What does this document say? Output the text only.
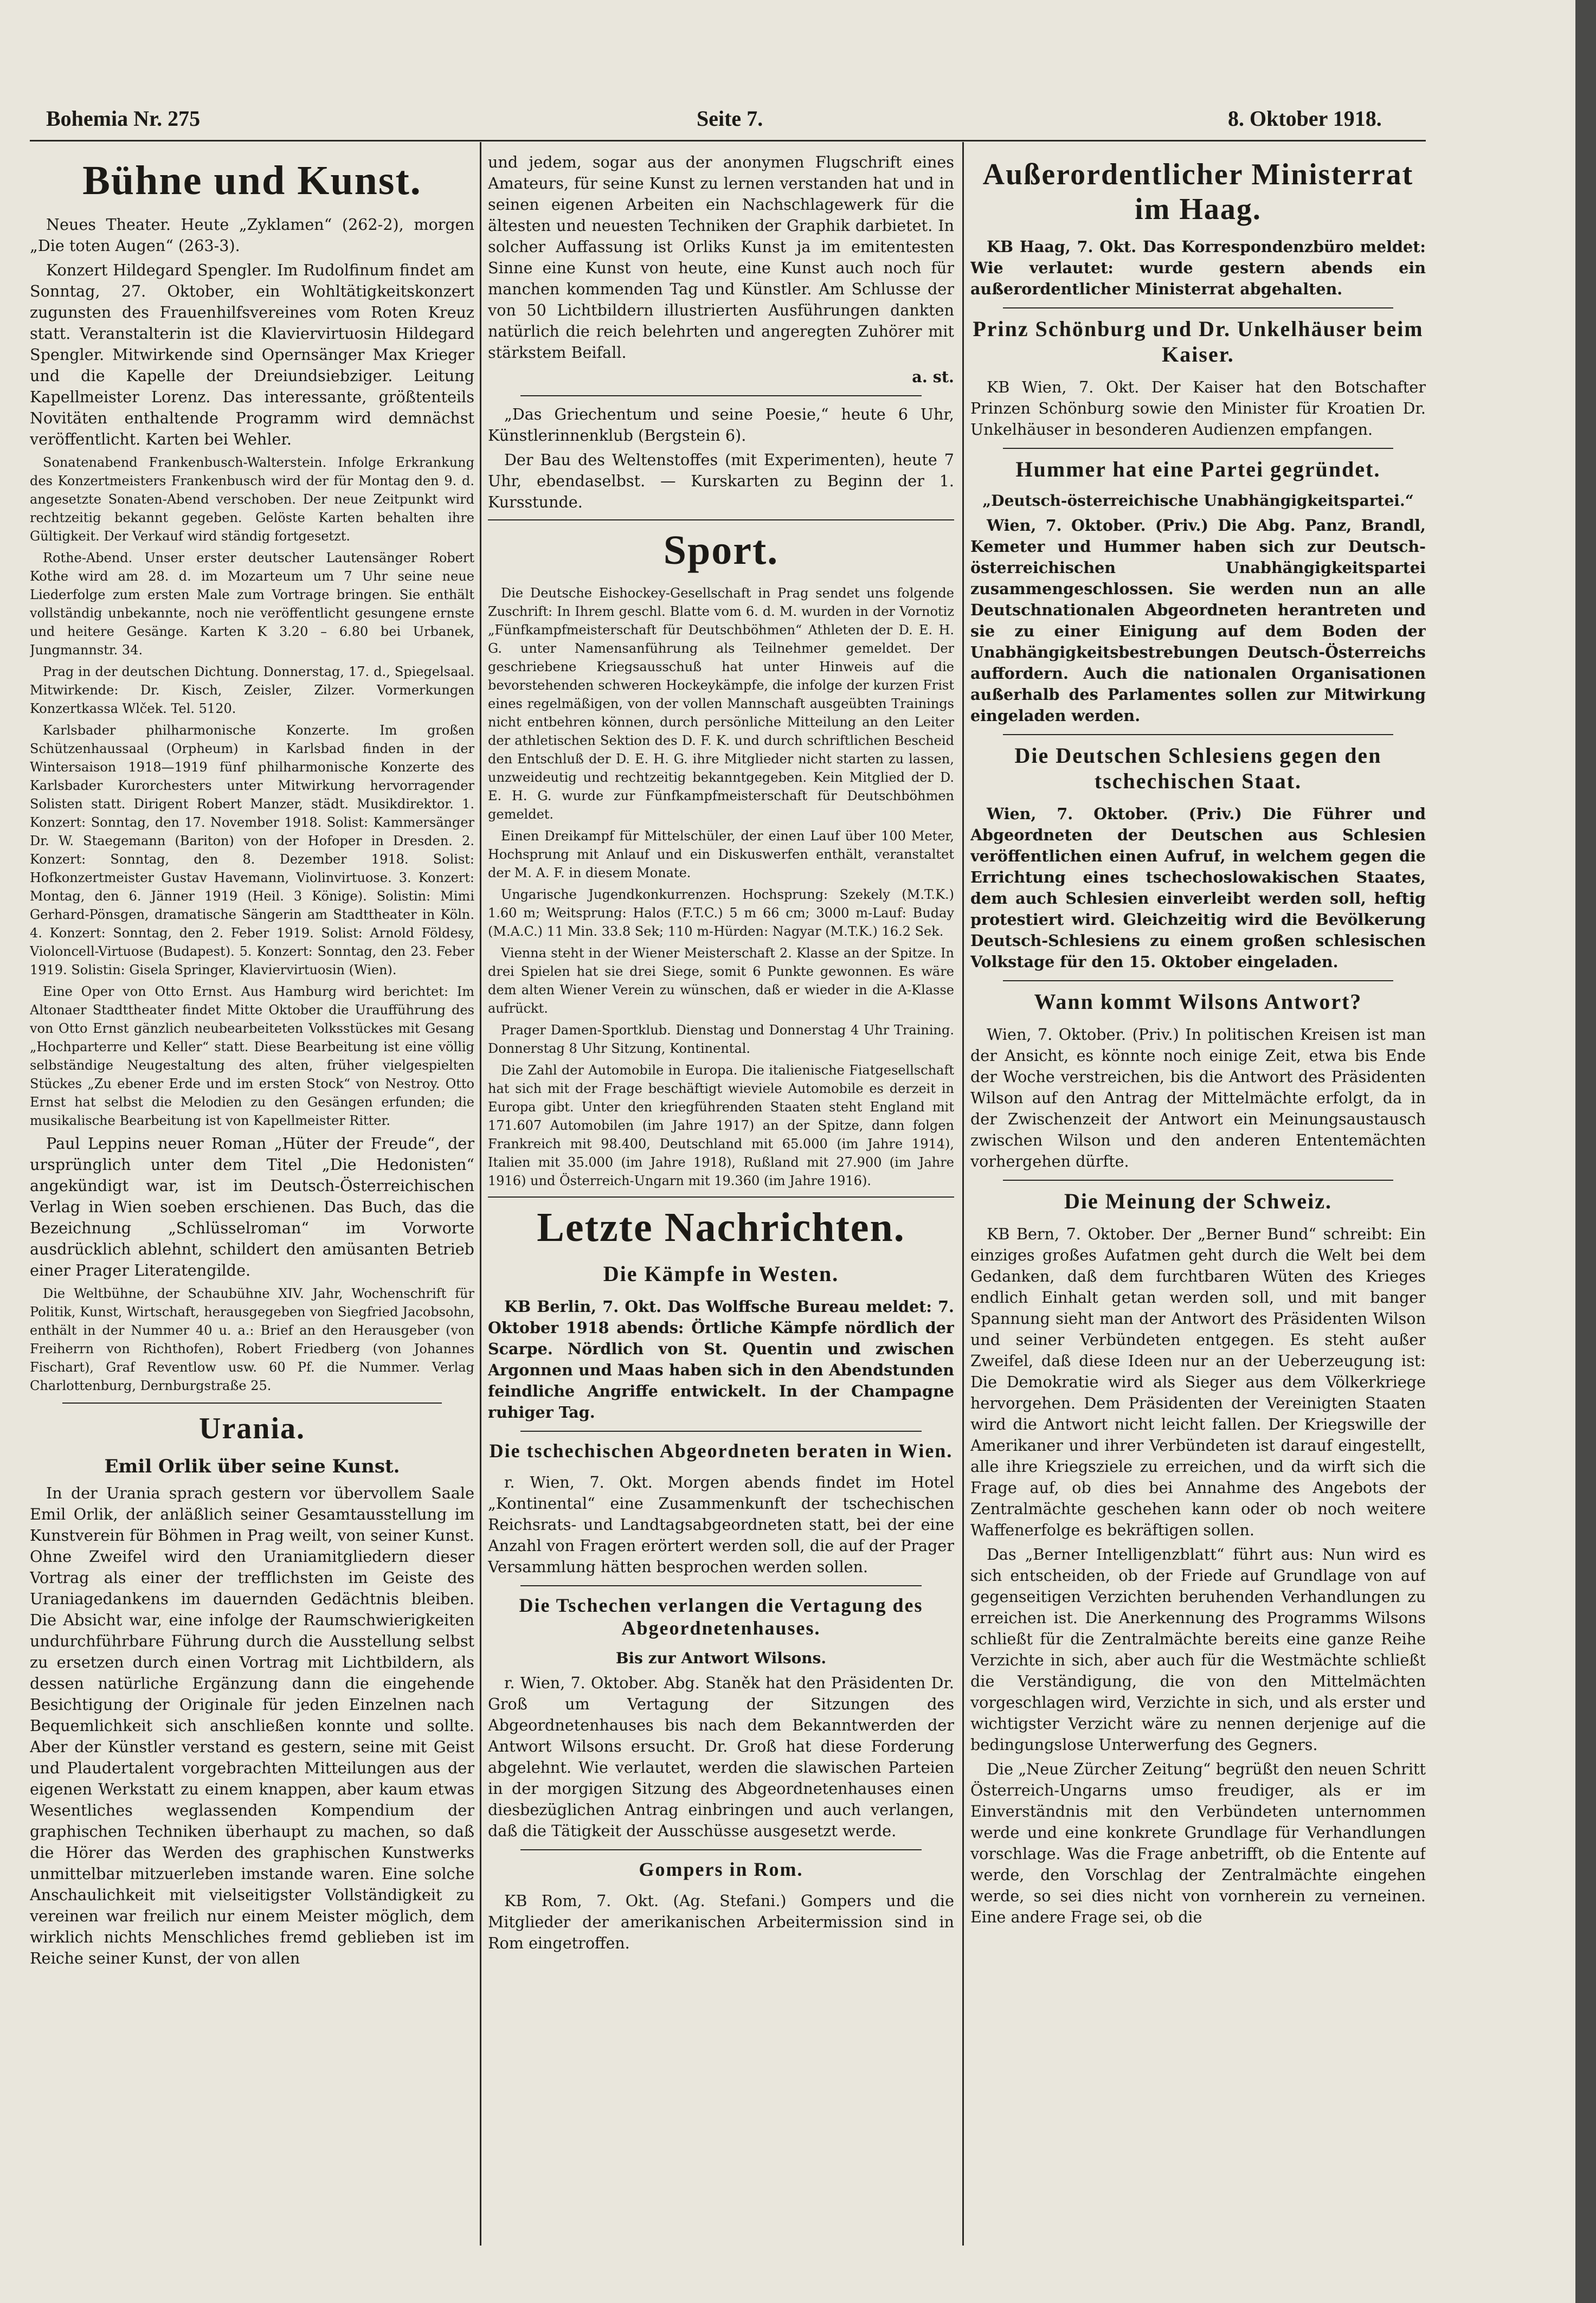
Bohemia Nr. 275	Seite 7.	8. Oktober 1918.
Bühne und Kunst.

Neues Theater. Heute „Zyklamen“ (262-2), morgen „Die toten Augen“ (263-3).

Konzert Hildegard Spengler. Im Rudolfinum findet am Sonntag, 27. Oktober, ein Wohltätigkeitskonzert zugunsten des Frauenhilfsvereines vom Roten Kreuz statt. Veranstalterin ist die Klaviervirtuosin Hildegard Spengler. Mitwirkende sind Opernsänger Max Krieger und die Kapelle der Dreiundsiebziger. Leitung Kapellmeister Lorenz. Das interessante, größtenteils Novitäten enthaltende Programm wird demnächst veröffentlicht. Karten bei Wehler.

Sonatenabend Frankenbusch-Walterstein. Infolge Erkrankung des Konzertmeisters Frankenbusch wird der für Montag den 9. d. angesetzte Sonaten-Abend verschoben. Der neue Zeitpunkt wird rechtzeitig bekannt gegeben. Gelöste Karten behalten ihre Gültigkeit. Der Verkauf wird ständig fortgesetzt.

Rothe-Abend. Unser erster deutscher Lautensänger Robert Kothe wird am 28. d. im Mozarteum um 7 Uhr seine neue Liederfolge zum ersten Male zum Vortrage bringen. Sie enthält vollständig unbekannte, noch nie veröffentlicht gesungene ernste und heitere Gesänge. Karten K 3.20 – 6.80 bei Urbanek, Jungmannstr. 34.

Prag in der deutschen Dichtung. Donnerstag, 17. d., Spiegelsaal. Mitwirkende: Dr. Kisch, Zeisler, Zilzer. Vormerkungen Konzertkassa Wlček. Tel. 5120.

Karlsbader philharmonische Konzerte. Im großen Schützenhaussaal (Orpheum) in Karlsbad finden in der Wintersaison 1918—1919 fünf philharmonische Konzerte des Karlsbader Kurorchesters unter Mitwirkung hervorragender Solisten statt. Dirigent Robert Manzer, städt. Musikdirektor. 1. Konzert: Sonntag, den 17. November 1918. Solist: Kammersänger Dr. W. Staegemann (Bariton) von der Hofoper in Dresden. 2. Konzert: Sonntag, den 8. Dezember 1918. Solist: Hofkonzertmeister Gustav Havemann, Violinvirtuose. 3. Konzert: Montag, den 6. Jänner 1919 (Heil. 3 Könige). Solistin: Mimi Gerhard-Pönsgen, dramatische Sängerin am Stadttheater in Köln. 4. Konzert: Sonntag, den 2. Feber 1919. Solist: Arnold Földesy, Violoncell-Virtuose (Budapest). 5. Konzert: Sonntag, den 23. Feber 1919. Solistin: Gisela Springer, Klaviervirtuosin (Wien).

Eine Oper von Otto Ernst. Aus Hamburg wird berichtet: Im Altonaer Stadttheater findet Mitte Oktober die Uraufführung des von Otto Ernst gänzlich neubearbeiteten Volksstückes mit Gesang „Hochparterre und Keller“ statt. Diese Bearbeitung ist eine völlig selbständige Neugestaltung des alten, früher vielgespielten Stückes „Zu ebener Erde und im ersten Stock“ von Nestroy. Otto Ernst hat selbst die Melodien zu den Gesängen erfunden; die musikalische Bearbeitung ist von Kapellmeister Ritter.

Paul Leppins neuer Roman „Hüter der Freude“, der ursprünglich unter dem Titel „Die Hedonisten“ angekündigt war, ist im Deutsch-Österreichischen Verlag in Wien soeben erschienen. Das Buch, das die Bezeichnung „Schlüsselroman“ im Vorworte ausdrücklich ablehnt, schildert den amüsanten Betrieb einer Prager Literatengilde.

Die Weltbühne, der Schaubühne XIV. Jahr, Wochenschrift für Politik, Kunst, Wirtschaft, herausgegeben von Siegfried Jacobsohn, enthält in der Nummer 40 u. a.: Brief an den Herausgeber (von Freiherrn von Richthofen), Robert Friedberg (von Johannes Fischart), Graf Reventlow usw. 60 Pf. die Nummer. Verlag Charlottenburg, Dernburgstraße 25.

Urania.
Emil Orlik über seine Kunst.

In der Urania sprach gestern vor übervollem Saale Emil Orlik, der anläßlich seiner Gesamtausstellung im Kunstverein für Böhmen in Prag weilt, von seiner Kunst. Ohne Zweifel wird den Uraniamitgliedern dieser Vortrag als einer der trefflichsten im Geiste des Uraniagedankens im dauernden Gedächtnis bleiben. Die Absicht war, eine infolge der Raumschwierigkeiten undurchführbare Führung durch die Ausstellung selbst zu ersetzen durch einen Vortrag mit Lichtbildern, als dessen natürliche Ergänzung dann die eingehende Besichtigung der Originale für jeden Einzelnen nach Bequemlichkeit sich anschließen konnte und sollte. Aber der Künstler verstand es gestern, seine mit Geist und Plaudertalent vorgebrachten Mitteilungen aus der eigenen Werkstatt zu einem knappen, aber kaum etwas Wesentliches weglassenden Kompendium der graphischen Techniken überhaupt zu machen, so daß die Hörer das Werden des graphischen Kunstwerks unmittelbar mitzuerleben imstande waren. Eine solche Anschaulichkeit mit vielseitigster Vollständigkeit zu vereinen war freilich nur einem Meister möglich, dem wirklich nichts Menschliches fremd geblieben ist im Reiche seiner Kunst, der von allen

und jedem, sogar aus der anonymen Flugschrift eines Amateurs, für seine Kunst zu lernen verstanden hat und in seinen eigenen Arbeiten ein Nachschlagewerk für die ältesten und neuesten Techniken der Graphik darbietet. In solcher Auffassung ist Orliks Kunst ja im emitentesten Sinne eine Kunst von heute, eine Kunst auch noch für manchen kommenden Tag und Künstler. Am Schlusse der von 50 Lichtbildern illustrierten Ausführungen dankten natürlich die reich belehrten und angeregten Zuhörer mit stärkstem Beifall.

a. st.

„Das Griechentum und seine Poesie,“ heute 6 Uhr, Künstlerinnenklub (Bergstein 6).

Der Bau des Weltenstoffes (mit Experimenten), heute 7 Uhr, ebendaselbst. — Kurskarten zu Beginn der 1. Kursstunde.

Sport.

Die Deutsche Eishockey-Gesellschaft in Prag sendet uns folgende Zuschrift: In Ihrem geschl. Blatte vom 6. d. M. wurden in der Vornotiz „Fünfkampfmeisterschaft für Deutschböhmen“ Athleten der D. E. H. G. unter Namensanführung als Teilnehmer gemeldet. Der geschriebene Kriegsausschuß hat unter Hinweis auf die bevorstehenden schweren Hockeykämpfe, die infolge der kurzen Frist eines regelmäßigen, von der vollen Mannschaft ausgeübten Trainings nicht entbehren können, durch persönliche Mitteilung an den Leiter der athletischen Sektion des D. F. K. und durch schriftlichen Bescheid den Entschluß der D. E. H. G. ihre Mitglieder nicht starten zu lassen, unzweideutig und rechtzeitig bekanntgegeben. Kein Mitglied der D. E. H. G. wurde zur Fünfkampfmeisterschaft für Deutschböhmen gemeldet.

Einen Dreikampf für Mittelschüler, der einen Lauf über 100 Meter, Hochsprung mit Anlauf und ein Diskuswerfen enthält, veranstaltet der M. A. F. in diesem Monate.

Ungarische Jugendkonkurrenzen. Hochsprung: Szekely (M.T.K.) 1.60 m; Weitsprung: Halos (F.T.C.) 5 m 66 cm; 3000 m-Lauf: Buday (M.A.C.) 11 Min. 33.8 Sek; 110 m-Hürden: Nagyar (M.T.K.) 16.2 Sek.

Vienna steht in der Wiener Meisterschaft 2. Klasse an der Spitze. In drei Spielen hat sie drei Siege, somit 6 Punkte gewonnen. Es wäre dem alten Wiener Verein zu wünschen, daß er wieder in die A-Klasse aufrückt.

Prager Damen-Sportklub. Dienstag und Donnerstag 4 Uhr Training. Donnerstag 8 Uhr Sitzung, Kontinental.

Die Zahl der Automobile in Europa. Die italienische Fiatgesellschaft hat sich mit der Frage beschäftigt wieviele Automobile es derzeit in Europa gibt. Unter den kriegführenden Staaten steht England mit 171.607 Automobilen (im Jahre 1917) an der Spitze, dann folgen Frankreich mit 98.400, Deutschland mit 65.000 (im Jahre 1914), Italien mit 35.000 (im Jahre 1918), Rußland mit 27.900 (im Jahre 1916) und Österreich-Ungarn mit 19.360 (im Jahre 1916).

Letzte Nachrichten.
Die Kämpfe in Westen.

KB Berlin, 7. Okt. Das Wolffsche Bureau meldet: 7. Oktober 1918 abends: Örtliche Kämpfe nördlich der Scarpe. Nördlich von St. Quentin und zwischen Argonnen und Maas haben sich in den Abendstunden feindliche Angriffe entwickelt. In der Champagne ruhiger Tag.

Die tschechischen Abgeordneten beraten in Wien.

r. Wien, 7. Okt. Morgen abends findet im Hotel „Kontinental“ eine Zusammenkunft der tschechischen Reichsrats- und Landtagsabgeordneten statt, bei der eine Anzahl von Fragen erörtert werden soll, die auf der Prager Versammlung hätten besprochen werden sollen.

Die Tschechen verlangen die Vertagung des Abgeordnetenhauses.
Bis zur Antwort Wilsons.

r. Wien, 7. Oktober. Abg. Staněk hat den Präsidenten Dr. Groß um Vertagung der Sitzungen des Abgeordnetenhauses bis nach dem Bekanntwerden der Antwort Wilsons ersucht. Dr. Groß hat diese Forderung abgelehnt. Wie verlautet, werden die slawischen Parteien in der morgigen Sitzung des Abgeordnetenhauses einen diesbezüglichen Antrag einbringen und auch verlangen, daß die Tätigkeit der Ausschüsse ausgesetzt werde.

Gompers in Rom.

KB Rom, 7. Okt. (Ag. Stefani.) Gompers und die Mitglieder der amerikanischen Arbeitermission sind in Rom eingetroffen.

Außerordentlicher Ministerrat im Haag.

KB Haag, 7. Okt. Das Korrespondenzbüro meldet: Wie verlautet: wurde gestern abends ein außerordentlicher Ministerrat abgehalten.

Prinz Schönburg und Dr. Unkelhäuser beim Kaiser.

KB Wien, 7. Okt. Der Kaiser hat den Botschafter Prinzen Schönburg sowie den Minister für Kroatien Dr. Unkelhäuser in besonderen Audienzen empfangen.

Hummer hat eine Partei gegründet.
„Deutsch-österreichische Unabhängigkeitspartei.“

Wien, 7. Oktober. (Priv.) Die Abg. Panz, Brandl, Kemeter und Hummer haben sich zur Deutsch-österreichischen Unabhängigkeitspartei zusammengeschlossen. Sie werden nun an alle Deutschnationalen Abgeordneten herantreten und sie zu einer Einigung auf dem Boden der Unabhängigkeitsbestrebungen Deutsch-Österreichs auffordern. Auch die nationalen Organisationen außerhalb des Parlamentes sollen zur Mitwirkung eingeladen werden.

Die Deutschen Schlesiens gegen den tschechischen Staat.

Wien, 7. Oktober. (Priv.) Die Führer und Abgeordneten der Deutschen aus Schlesien veröffentlichen einen Aufruf, in welchem gegen die Errichtung eines tschechoslowakischen Staates, dem auch Schlesien einverleibt werden soll, heftig protestiert wird. Gleichzeitig wird die Bevölkerung Deutsch-Schlesiens zu einem großen schlesischen Volkstage für den 15. Oktober eingeladen.

Wann kommt Wilsons Antwort?

Wien, 7. Oktober. (Priv.) In politischen Kreisen ist man der Ansicht, es könnte noch einige Zeit, etwa bis Ende der Woche verstreichen, bis die Antwort des Präsidenten Wilson auf den Antrag der Mittelmächte erfolgt, da in der Zwischenzeit der Antwort ein Meinungsaustausch zwischen Wilson und den anderen Ententemächten vorhergehen dürfte.

Die Meinung der Schweiz.

KB Bern, 7. Oktober. Der „Berner Bund“ schreibt: Ein einziges großes Aufatmen geht durch die Welt bei dem Gedanken, daß dem furchtbaren Wüten des Krieges endlich Einhalt getan werden soll, und mit banger Spannung sieht man der Antwort des Präsidenten Wilson und seiner Verbündeten entgegen. Es steht außer Zweifel, daß diese Ideen nur an der Ueberzeugung ist: Die Demokratie wird als Sieger aus dem Völkerkriege hervorgehen. Dem Präsidenten der Vereinigten Staaten wird die Antwort nicht leicht fallen. Der Kriegswille der Amerikaner und ihrer Verbündeten ist darauf eingestellt, alle ihre Kriegsziele zu erreichen, und da wirft sich die Frage auf, ob dies bei Annahme des Angebots der Zentralmächte geschehen kann oder ob noch weitere Waffenerfolge es bekräftigen sollen.

Das „Berner Intelligenzblatt“ führt aus: Nun wird es sich entscheiden, ob der Friede auf Grundlage von auf gegenseitigen Verzichten beruhenden Verhandlungen zu erreichen ist. Die Anerkennung des Programms Wilsons schließt für die Zentralmächte bereits eine ganze Reihe Verzichte in sich, aber auch für die Westmächte schließt die Verständigung, die von den Mittelmächten vorgeschlagen wird, Verzichte in sich, und als erster und wichtigster Verzicht wäre zu nennen derjenige auf die bedingungslose Unterwerfung des Gegners.

Die „Neue Zürcher Zeitung“ begrüßt den neuen Schritt Österreich-Ungarns umso freudiger, als er im Einverständnis mit den Verbündeten unternommen werde und eine konkrete Grundlage für Verhandlungen vorschlage. Was die Frage anbetrifft, ob die Entente auf werde, den Vorschlag der Zentralmächte eingehen werde, so sei dies nicht von vornherein zu verneinen. Eine andere Frage sei, ob die
